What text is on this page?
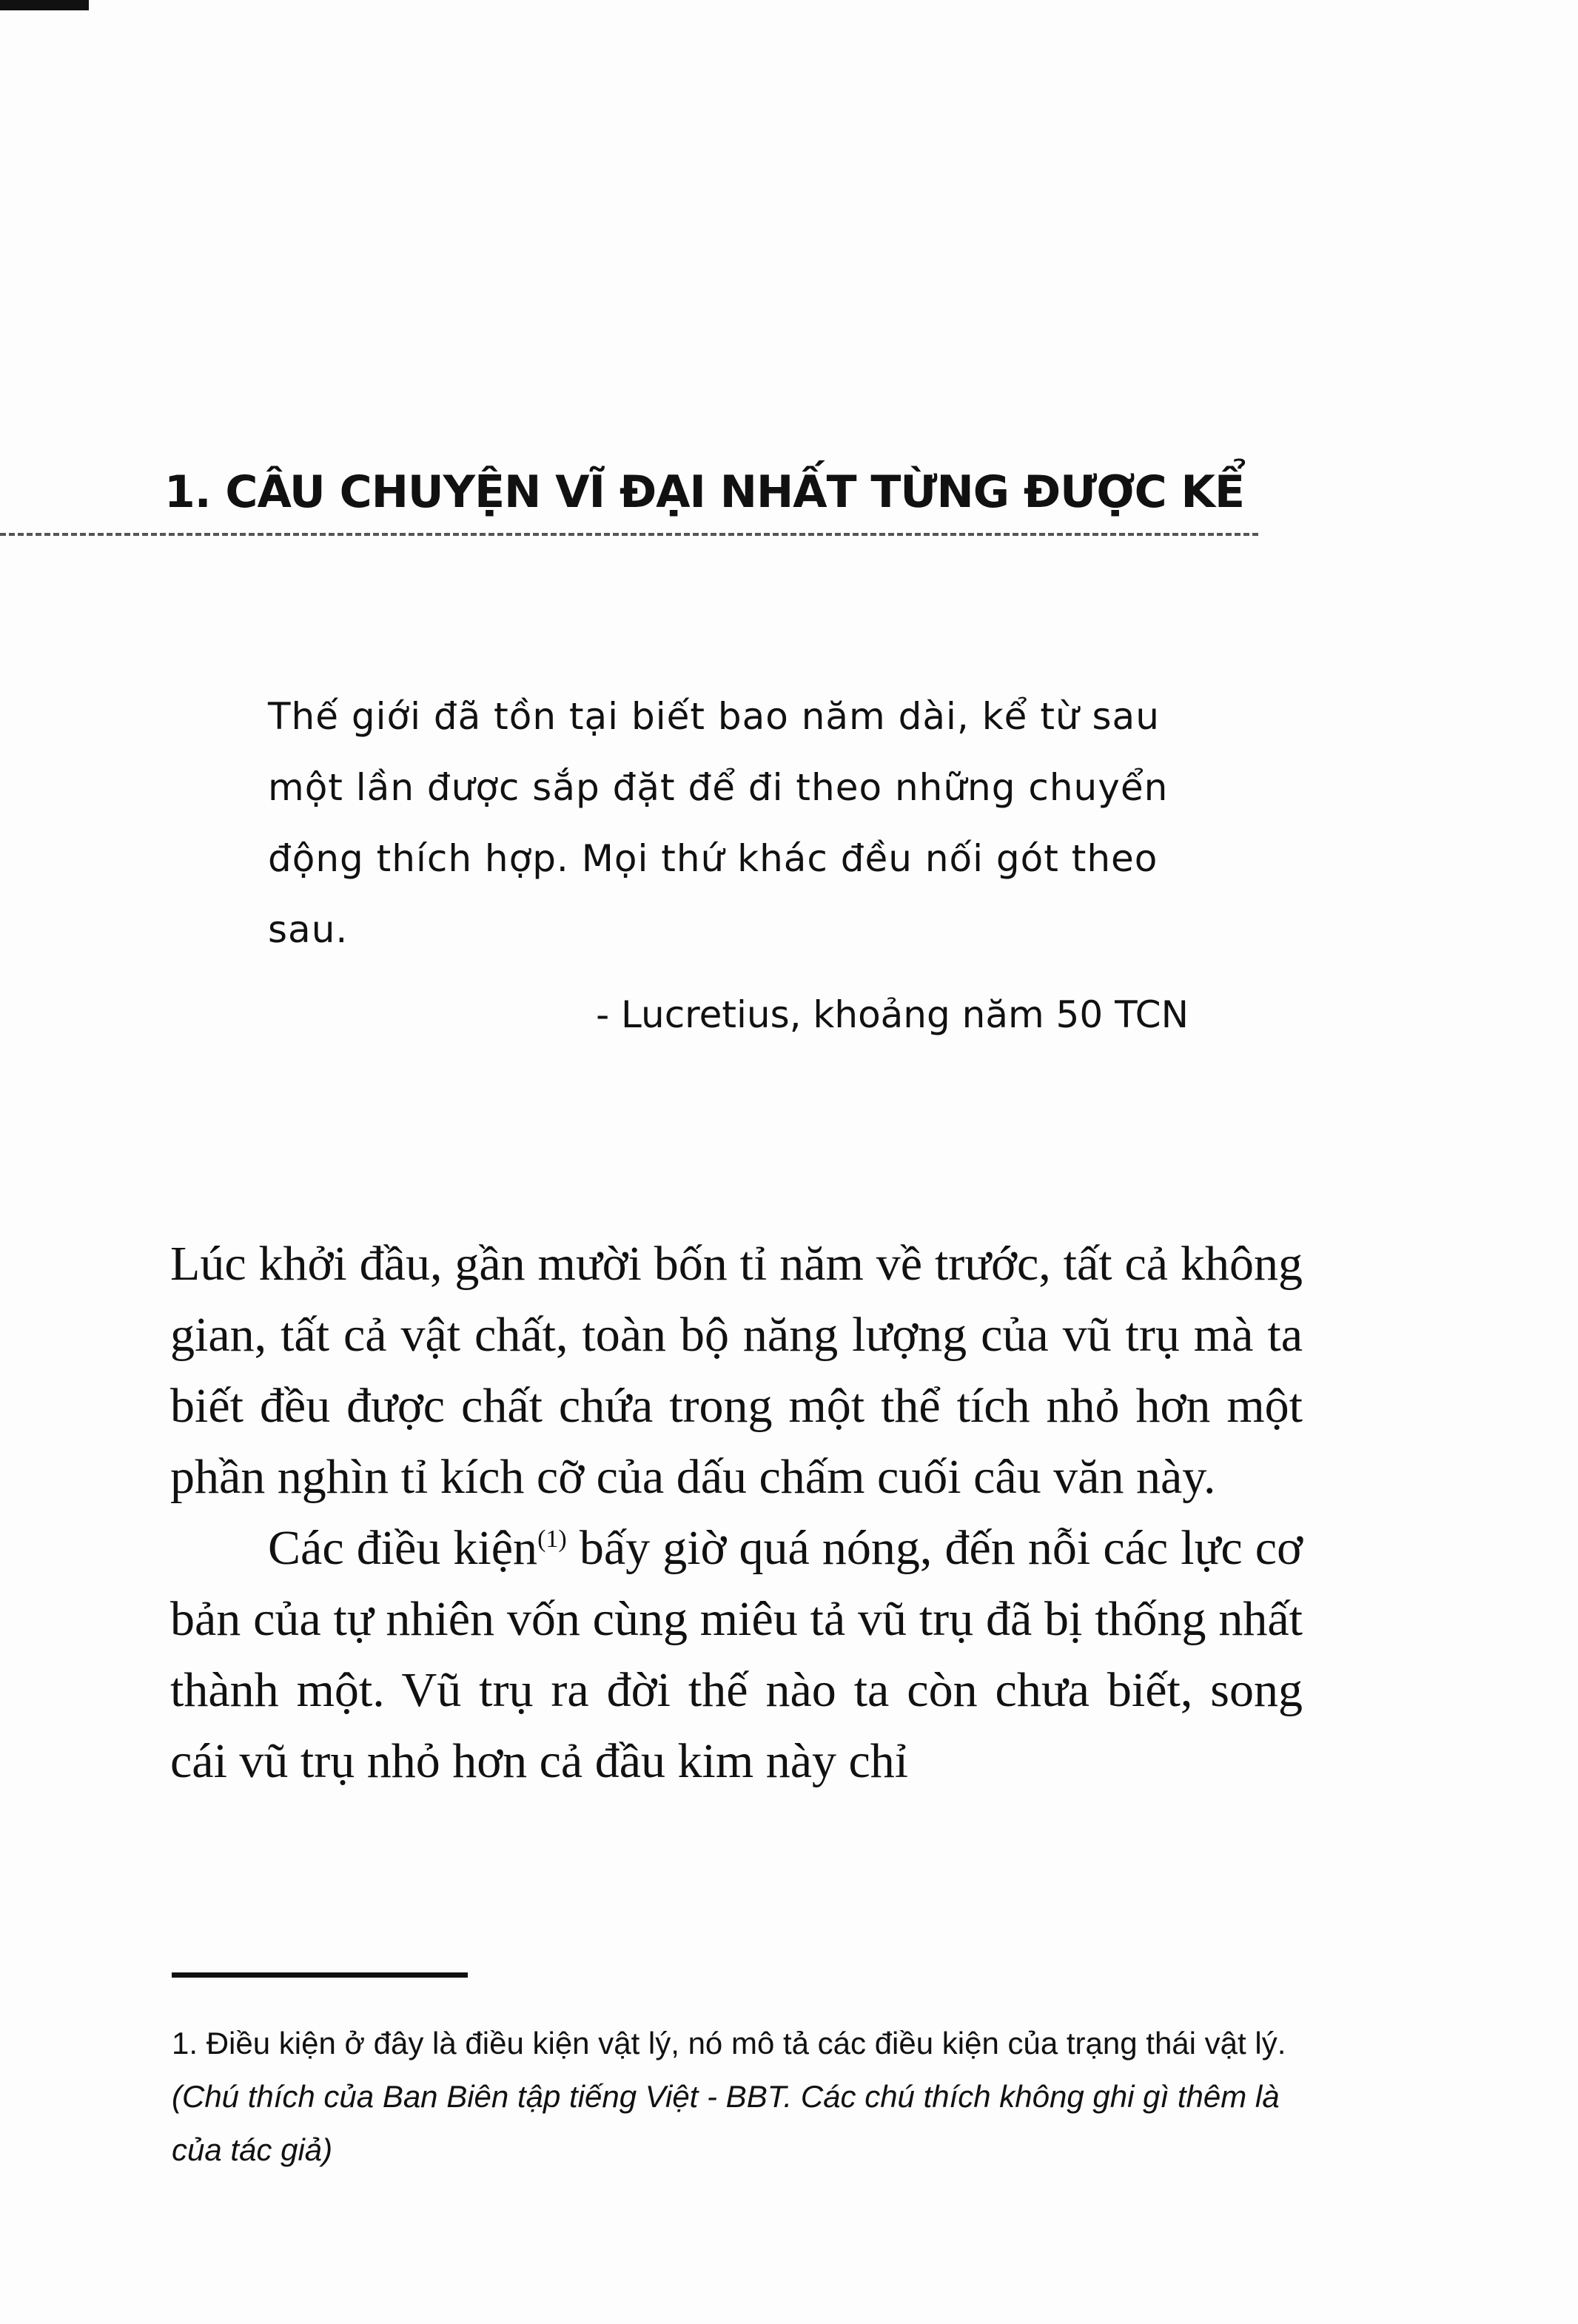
1. CÂU CHUYỆN VĨ ĐẠI NHẤT TỪNG ĐƯỢC KỂ

Thế giới đã tồn tại biết bao năm dài, kể từ sau một lần được sắp đặt để đi theo những chuyển động thích hợp. Mọi thứ khác đều nối gót theo sau.

- Lucretius, khoảng năm 50 TCN

Lúc khởi đầu, gần mười bốn tỉ năm về trước, tất cả không gian, tất cả vật chất, toàn bộ năng lượng của vũ trụ mà ta biết đều được chất chứa trong một thể tích nhỏ hơn một phần nghìn tỉ kích cỡ của dấu chấm cuối câu văn này.

Các điều kiện$^{(1)}$ bấy giờ quá nóng, đến nỗi các lực cơ bản của tự nhiên vốn cùng miêu tả vũ trụ đã bị thống nhất thành một. Vũ trụ ra đời thế nào ta còn chưa biết, song cái vũ trụ nhỏ hơn cả đầu kim này chỉ

1. Điều kiện ở đây là điều kiện vật lý, nó mô tả các điều kiện của trạng thái vật lý. (Chú thích của Ban Biên tập tiếng Việt - BBT. Các chú thích không ghi gì thêm là của tác giả)
